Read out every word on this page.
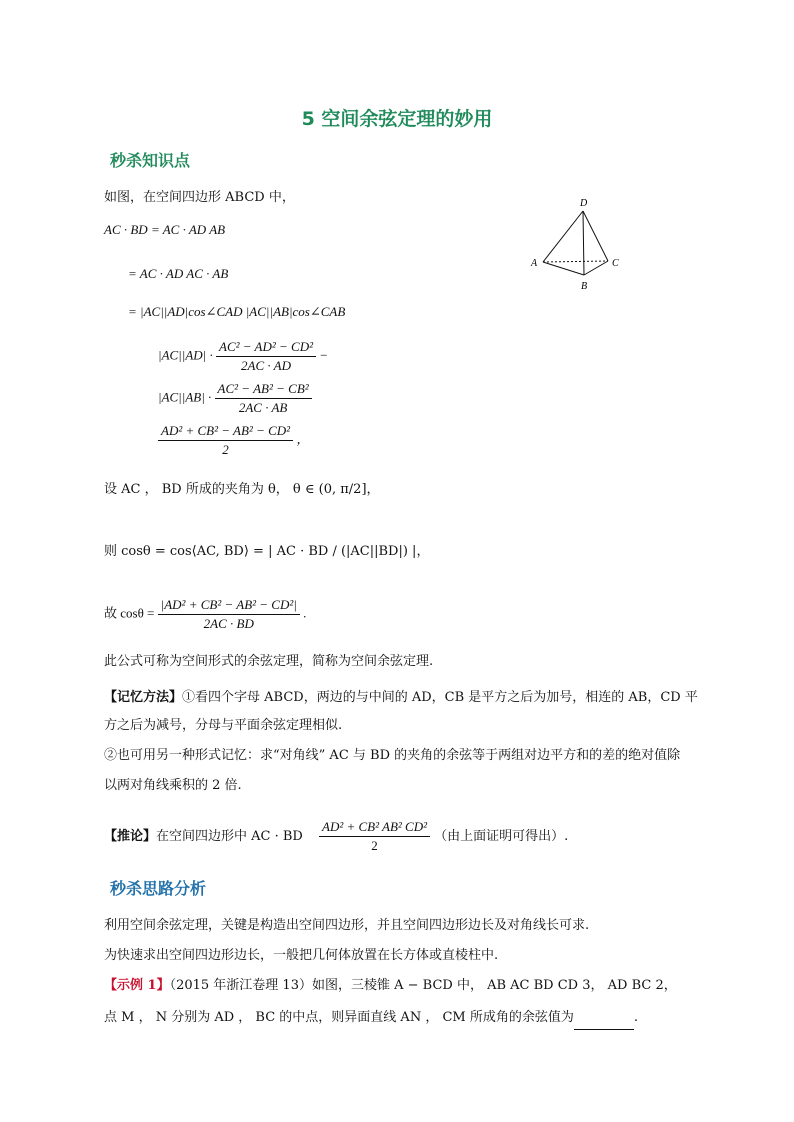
5 空间余弦定理的妙用
秒杀知识点
如图，在空间四边形 ABCD 中，	D
A	C
B
AC · BD = AC · AD AB
= AC · AD AC · AB
= |AC||AD|cos∠CAD |AC||AB|cos∠CAB
$|AC||AD| \cdot \frac{\text{AC² − AD² − CD²}}{2AC \cdot AD}$ −
$|AC||AB| \cdot \frac{\text{AC² − AB² − CB²}}{2AC \cdot AB}$
$\frac{\text{AD² + CB² − AB² − CD²}}{2}$ ，
设 AC ， BD 所成的夹角为 θ， θ ∈ (0, π/2]，
则 cosθ = cos⟨AC, BD⟩ = | AC · BD / (|AC||BD|) |，
故 $\cos\theta = \frac{\text{|AD² + CB² − AB² − CD²|}}{2AC \cdot BD}$ .
此公式可称为空间形式的余弦定理，简称为空间余弦定理.
【记忆方法】①看四个字母 ABCD，两边的与中间的 AD，CB 是平方之后为加号，相连的 AB，CD 平
方之后为减号，分母与平面余弦定理相似.
②也可用另一种形式记忆：求“对角线” AC 与 BD 的夹角的余弦等于两组对边平方和的差的绝对值除
以两对角线乘积的 2 倍.
【推论】在空间四边形中 AC · BD $\frac{\text{AD² + CB² AB² CD²}}{2}$ （由上面证明可得出）.
秒杀思路分析
利用空间余弦定理，关键是构造出空间四边形，并且空间四边形边长及对角线长可求.
为快速求出空间四边形边长，一般把几何体放置在长方体或直棱柱中.
【示例 1】（2015 年浙江卷理 13）如图，三棱锥 A − BCD 中， AB AC BD CD 3， AD BC 2，
点 M ， N 分别为 AD ， BC 的中点，则异面直线 AN ， CM 所成角的余弦值为	.
